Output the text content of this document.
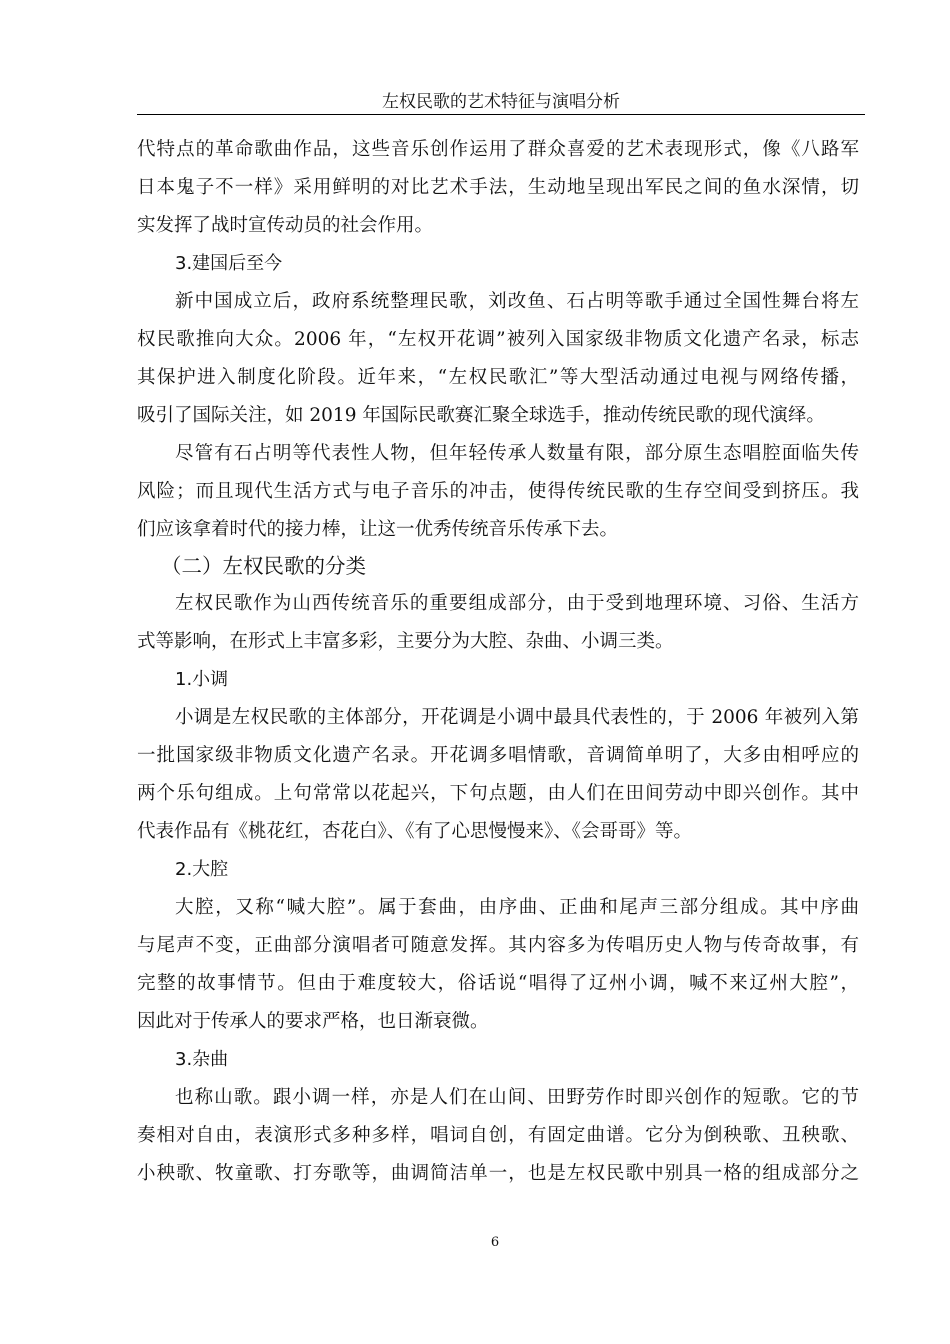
左权民歌的艺术特征与演唱分析
代特点的革命歌曲作品，这些音乐创作运用了群众喜爱的艺术表现形式，像《八路军
日本鬼子不一样》采用鲜明的对比艺术手法，生动地呈现出军民之间的鱼水深情，切
实发挥了战时宣传动员的社会作用。
3.建国后至今
新中国成立后，政府系统整理民歌，刘改鱼、石占明等歌手通过全国性舞台将左
权民歌推向大众。2006 年，“左权开花调”被列入国家级非物质文化遗产名录，标志
其保护进入制度化阶段。近年来，“左权民歌汇”等大型活动通过电视与网络传播，
吸引了国际关注，如 2019 年国际民歌赛汇聚全球选手，推动传统民歌的现代演绎。
尽管有石占明等代表性人物，但年轻传承人数量有限，部分原生态唱腔面临失传
风险；而且现代生活方式与电子音乐的冲击，使得传统民歌的生存空间受到挤压。我
们应该拿着时代的接力棒，让这一优秀传统音乐传承下去。
（二）左权民歌的分类
左权民歌作为山西传统音乐的重要组成部分，由于受到地理环境、习俗、生活方
式等影响，在形式上丰富多彩，主要分为大腔、杂曲、小调三类。
1.小调
小调是左权民歌的主体部分，开花调是小调中最具代表性的，于 2006 年被列入第
一批国家级非物质文化遗产名录。开花调多唱情歌，音调简单明了，大多由相呼应的
两个乐句组成。上句常常以花起兴，下句点题，由人们在田间劳动中即兴创作。其中
代表作品有《桃花红，杏花白》、《有了心思慢慢来》、《会哥哥》等。
2.大腔
大腔，又称“喊大腔”。属于套曲，由序曲、正曲和尾声三部分组成。其中序曲
与尾声不变，正曲部分演唱者可随意发挥。其内容多为传唱历史人物与传奇故事，有
完整的故事情节。但由于难度较大，俗话说“唱得了辽州小调，喊不来辽州大腔”，
因此对于传承人的要求严格，也日渐衰微。
3.杂曲
也称山歌。跟小调一样，亦是人们在山间、田野劳作时即兴创作的短歌。它的节
奏相对自由，表演形式多种多样，唱词自创，有固定曲谱。它分为倒秧歌、丑秧歌、
小秧歌、牧童歌、打夯歌等，曲调简洁单一，也是左权民歌中别具一格的组成部分之
6
